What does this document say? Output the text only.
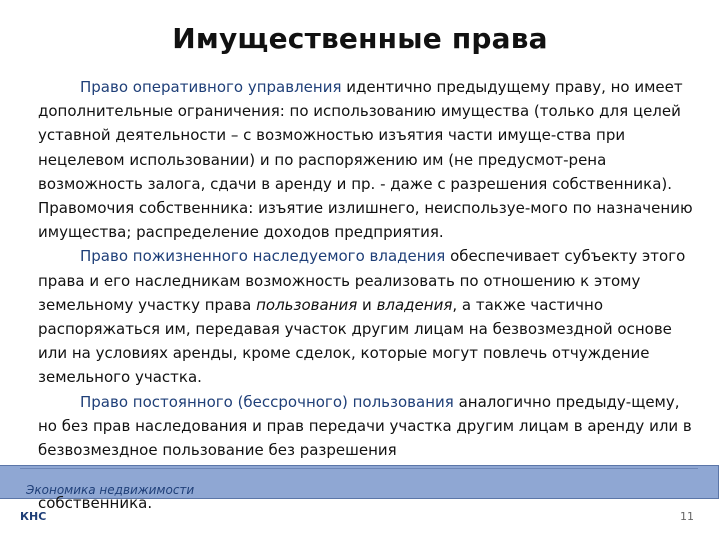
Имущественные права

Право оперативного управления идентично предыдущему праву, но имеет дополнительные ограничения: по использованию имущества (только для целей уставной деятельности – с возможностью изъятия части имуще-ства при нецелевом использовании) и по распоряжению им (не предусмот-рена возможность залога, сдачи в аренду и пр. - даже с разрешения собственника). Правомочия собственника: изъятие излишнего, неиспользуе-мого по назначению имущества; распределение доходов предприятия.

Право пожизненного наследуемого владения обеспечивает субъекту этого права и его наследникам возможность реализовать по отношению к этому земельному участку права пользования и владения, а также частично распоряжаться им, передавая участок другим лицам на безвозмездной основе или на условиях аренды, кроме сделок, которые могут повлечь отчуждение земельного участка.

Право постоянного (бессрочного) пользования аналогично предыду-щему, но без прав наследования и прав передачи участка другим лицам в аренду или в безвозмездное пользование без разрешения

собственника.
Экономика недвижимости
КНС	11
